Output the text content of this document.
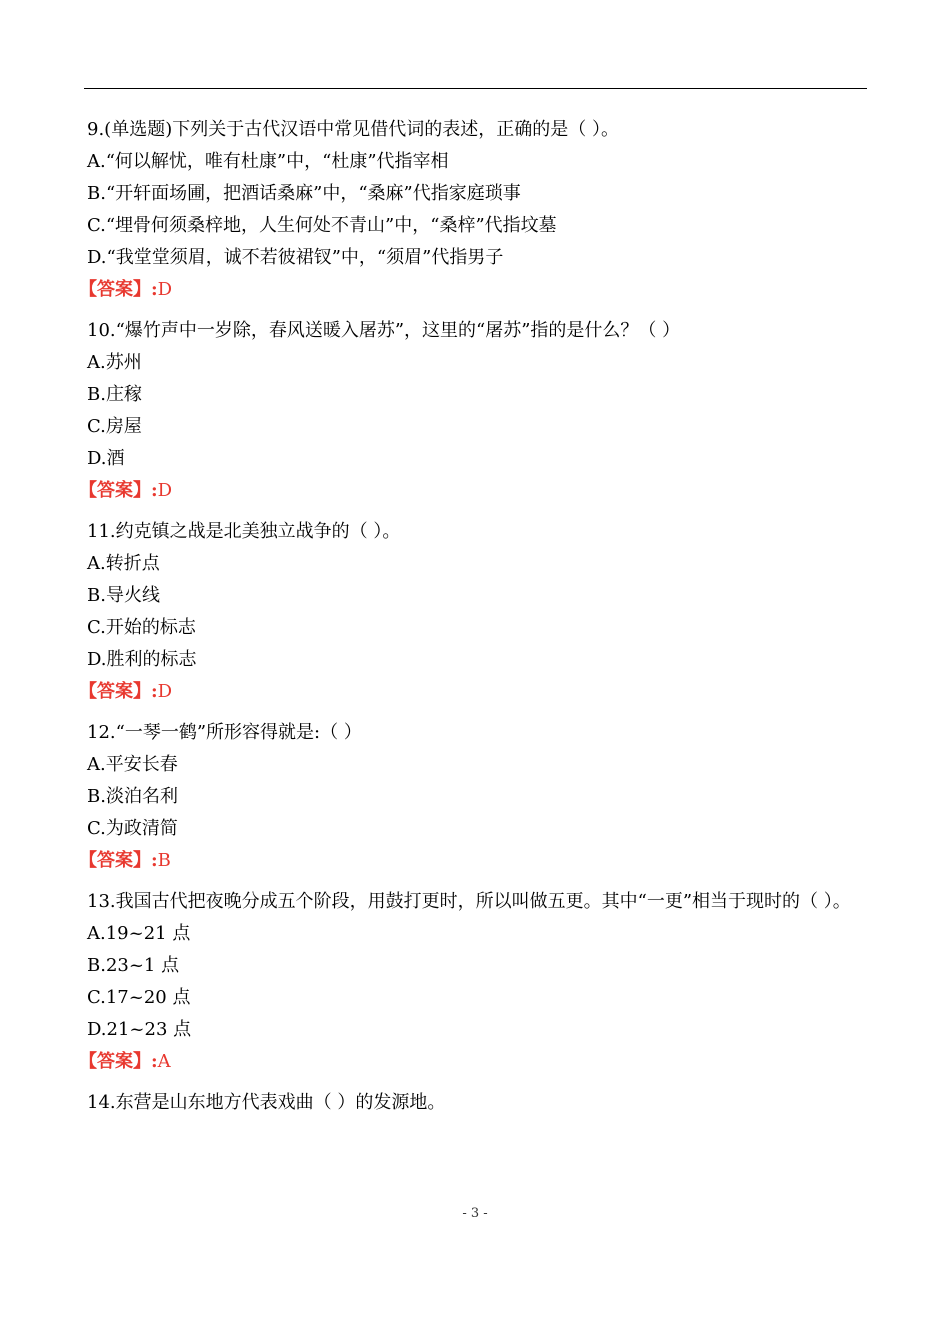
9.(单选题)下列关于古代汉语中常见借代词的表述，正确的是（ ）。
A.“何以解忧，唯有杜康”中，“杜康”代指宰相
B.“开轩面场圃，把酒话桑麻”中，“桑麻”代指家庭琐事
C.“埋骨何须桑梓地，人生何处不青山”中，“桑梓”代指坟墓
D.“我堂堂须眉，诚不若彼裙钗”中，“须眉”代指男子
【答案】:D
10.“爆竹声中一岁除，春风送暖入屠苏”，这里的“屠苏”指的是什么？（ ）
A.苏州
B.庄稼
C.房屋
D.酒
【答案】:D
11.约克镇之战是北美独立战争的（ ）。
A.转折点
B.导火线
C.开始的标志
D.胜利的标志
【答案】:D
12.“一琴一鹤”所形容得就是:（ ）
A.平安长春
B.淡泊名利
C.为政清简
【答案】:B
13.我国古代把夜晚分成五个阶段，用鼓打更时，所以叫做五更。其中“一更”相当于现时的（ ）。
A.19~21 点
B.23~1 点
C.17~20 点
D.21~23 点
【答案】:A
14.东营是山东地方代表戏曲（ ）的发源地。
- 3 -
